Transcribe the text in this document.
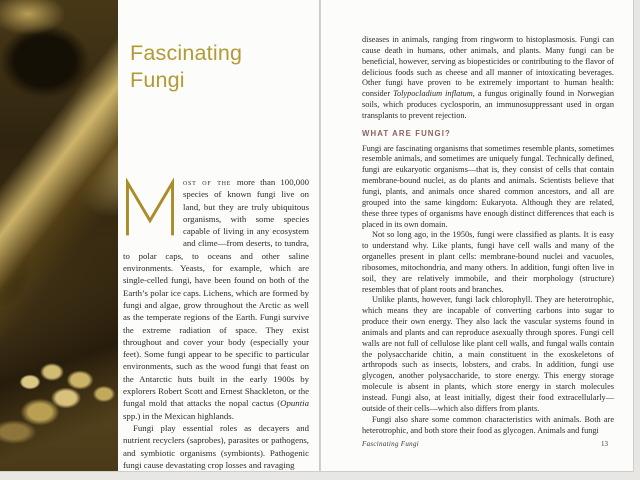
Fascinating
Fungi

ost of the more than 100,000 species of known fungi live on land, but they are truly ubiquitous organisms, with some species capable of living in any ecosystem and clime—from deserts, to tundra, to polar caps, to oceans and other saline environments. Yeasts, for example, which are single-celled fungi, have been found on both of the Earth’s polar ice caps. Lichens, which are formed by fungi and algae, grow throughout the Arctic as well as the temperate regions of the Earth. Fungi survive the extreme radiation of space. They exist throughout and cover your body (especially your feet). Some fungi appear to be specific to particular environments, such as the wood fungi that feast on the Antarctic huts built in the early 1900s by explorers Robert Scott and Ernest Shackleton, or the fungal mold that attacks the nopal cactus (Opuntia spp.) in the Mexican highlands.

Fungi play essential roles as decayers and nutrient recyclers (saprobes), parasites or pathogens, and symbiotic organisms (symbionts). Pathogenic fungi cause devastating crop losses and ravaging

diseases in animals, ranging from ringworm to histoplasmosis. Fungi can cause death in humans, other animals, and plants. Many fungi can be beneficial, however, serving as biopesticides or contributing to the flavor of delicious foods such as cheese and all manner of intoxicating beverages. Other fungi have proven to be extremely important to human health: consider Tolypocladium inflatum, a fungus originally found in Norwegian soils, which produces cyclosporin, an immunosuppressant used in organ transplants to prevent rejection.

WHAT ARE FUNGI?

Fungi are fascinating organisms that sometimes resemble plants, sometimes resemble animals, and sometimes are uniquely fungal. Technically defined, fungi are eukaryotic organisms—that is, they consist of cells that contain membrane-bound nuclei, as do plants and animals. Scientists believe that fungi, plants, and animals once shared common ancestors, and all are grouped into the same kingdom: Eukaryota. Although they are related, these three types of organisms have enough distinct differences that each is placed in its own domain.

Not so long ago, in the 1950s, fungi were classified as plants. It is easy to understand why. Like plants, fungi have cell walls and many of the organelles present in plant cells: membrane-bound nuclei and vacuoles, ribosomes, mitochondria, and many others. In addition, fungi often live in soil, they are relatively immobile, and their morphology (structure) resembles that of plant roots and branches.

Unlike plants, however, fungi lack chlorophyll. They are heterotrophic, which means they are incapable of converting carbons into sugar to produce their own energy. They also lack the vascular systems found in animals and plants and can reproduce asexually through spores. Fungi cell walls are not full of cellulose like plant cell walls, and fungal walls contain the polysaccharide chitin, a main constituent in the exoskeletons of arthropods such as insects, lobsters, and crabs. In addition, fungi use glycogen, another polysaccharide, to store energy. This energy storage molecule is absent in plants, which store energy in starch molecules instead. Fungi also, at least initially, digest their food extracellularly—outside of their cells—which also differs from plants.

Fungi also share some common characteristics with animals. Both are heterotrophic, and both store their food as glycogen. Animals and fungi

Fascinating Fungi	13
